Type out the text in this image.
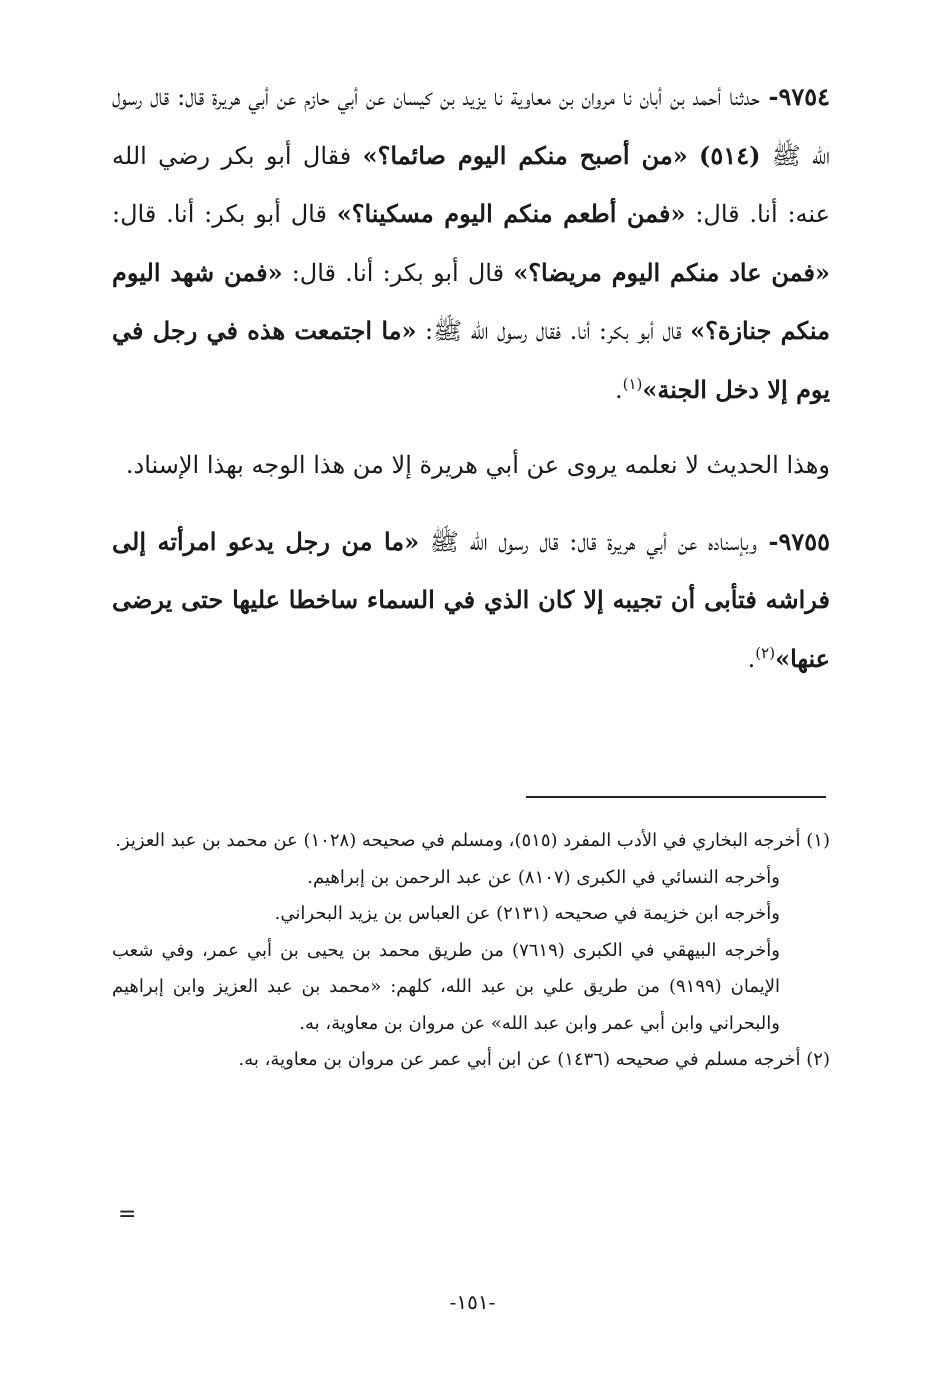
٩٧٥٤- حدثنا أحمد بن أبان نا مروان بن معاوية نا يزيد بن كيسان عن أبي حازم عن أبي هريرة قال: قال رسول الله ﷺ (٥١٤) «من أصبح منكم اليوم صائما؟» فقال أبو بكر رضي الله عنه: أنا. قال: «فمن أطعم منكم اليوم مسكينا؟» قال أبو بكر: أنا. قال: «فمن عاد منكم اليوم مريضا؟» قال أبو بكر: أنا. قال: «فمن شهد اليوم منكم جنازة؟» قال أبو بكر: أنا. فقال رسول الله ﷺ: «ما اجتمعت هذه في رجل في يوم إلا دخل الجنة»$^{(١)}$.

وهذا الحديث لا نعلمه يروى عن أبي هريرة إلا من هذا الوجه بهذا الإسناد.

٩٧٥٥- وبإسناده عن أبي هريرة قال: قال رسول الله ﷺ «ما من رجل يدعو امرأته إلى فراشه فتأبى أن تجيبه إلا كان الذي في السماء ساخطا عليها حتى يرضى عنها»$^{(٢)}$.

(١) أخرجه البخاري في الأدب المفرد (٥١٥)، ومسلم في صحيحه (١٠٢٨) عن محمد بن عبد العزيز.

وأخرجه النسائي في الكبرى (٨١٠٧) عن عبد الرحمن بن إبراهيم.

وأخرجه ابن خزيمة في صحيحه (٢١٣١) عن العباس بن يزيد البحراني.

وأخرجه البيهقي في الكبرى (٧٦١٩) من طريق محمد بن يحيى بن أبي عمر، وفي شعب الإيمان (٩١٩٩) من طريق علي بن عبد الله، كلهم: «محمد بن عبد العزيز وابن إبراهيم والبحراني وابن أبي عمر وابن عبد الله» عن مروان بن معاوية، به.

(٢) أخرجه مسلم في صحيحه (١٤٣٦) عن ابن أبي عمر عن مروان بن معاوية، به.

=
-١٥١-
